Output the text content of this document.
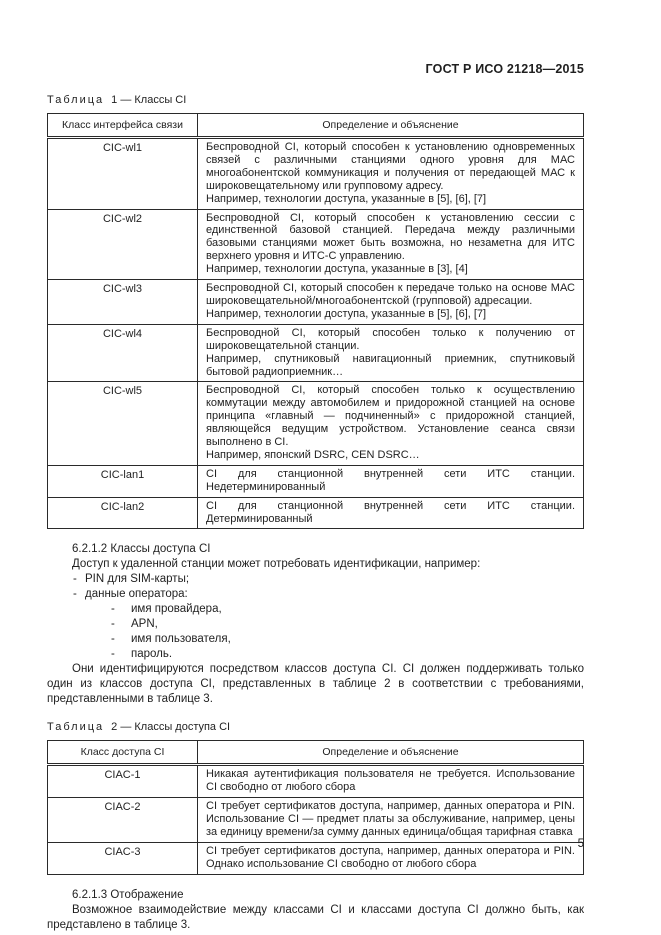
ГОСТ Р ИСО 21218—2015
Таблица 1 — Классы CI
Класс интерфейса связи	Определение и объяснение
CIC-wl1	Беспроводной CI, который способен к установлению одновременных связей с различными станциями одного уровня для МАС многоабонентской коммуникация и получения от передающей МАС к широковещательному или групповому адресу.
Например, технологии доступа, указанные в [5], [6], [7]

CIC-wl2	Беспроводной CI, который способен к установлению сессии с единственной базовой станцией. Передача между различными базовыми станциями может быть возможна, но незаметна для ИТС верхнего уровня и ИТС-С управлению.
Например, технологии доступа, указанные в [3], [4]

CIC-wl3	Беспроводной CI, который способен к передаче только на основе МАС широковещательной/многоабонентской (групповой) адресации.
Например, технологии доступа, указанные в [5], [6], [7]

CIC-wl4	Беспроводной CI, который способен только к получению от широковещательной станции.
Например, спутниковый навигационный приемник, спутниковый бытовой радиоприемник…

CIC-wl5	Беспроводной CI, который способен только к осуществлению коммутации между автомобилем и придорожной станцией на основе принципа «главный — подчиненный» с придорожной станцией, являющейся ведущим устройством. Установление сеанса связи выполнено в CI.
Например, японский DSRC, CEN DSRC…

CIC-lan1	CI для станционной внутренней сети ИТС станции. Недетерминированный

CIC-lan2	CI для станционной внутренней сети ИТС станции. Детерминированный
6.2.1.2 Классы доступа CI
Доступ к удаленной станции может потребовать идентификации, например:
- PIN для SIM-карты;
- данные оператора:
- имя провайдера,
- APN,
- имя пользователя,
- пароль.
Они идентифицируются посредством классов доступа CI. CI должен поддерживать только один из классов доступа CI, представленных в таблице 2 в соответствии с требованиями, представленными в таблице 3.
Таблица 2 — Классы доступа CI
Класс доступа CI	Определение и объяснение
CIAC-1	Никакая аутентификация пользователя не требуется. Использование CI свободно от любого сбора

CIAC-2	CI требует сертификатов доступа, например, данных оператора и PIN. Использование CI — предмет платы за обслуживание, например, цены за единицу времени/за сумму данных единица/общая тарифная ставка

CIAC-3	CI требует сертификатов доступа, например, данных оператора и PIN. Однако использование CI свободно от любого сбора
6.2.1.3 Отображение
Возможное взаимодействие между классами CI и классами доступа CI должно быть, как представлено в таблице 3.
5
